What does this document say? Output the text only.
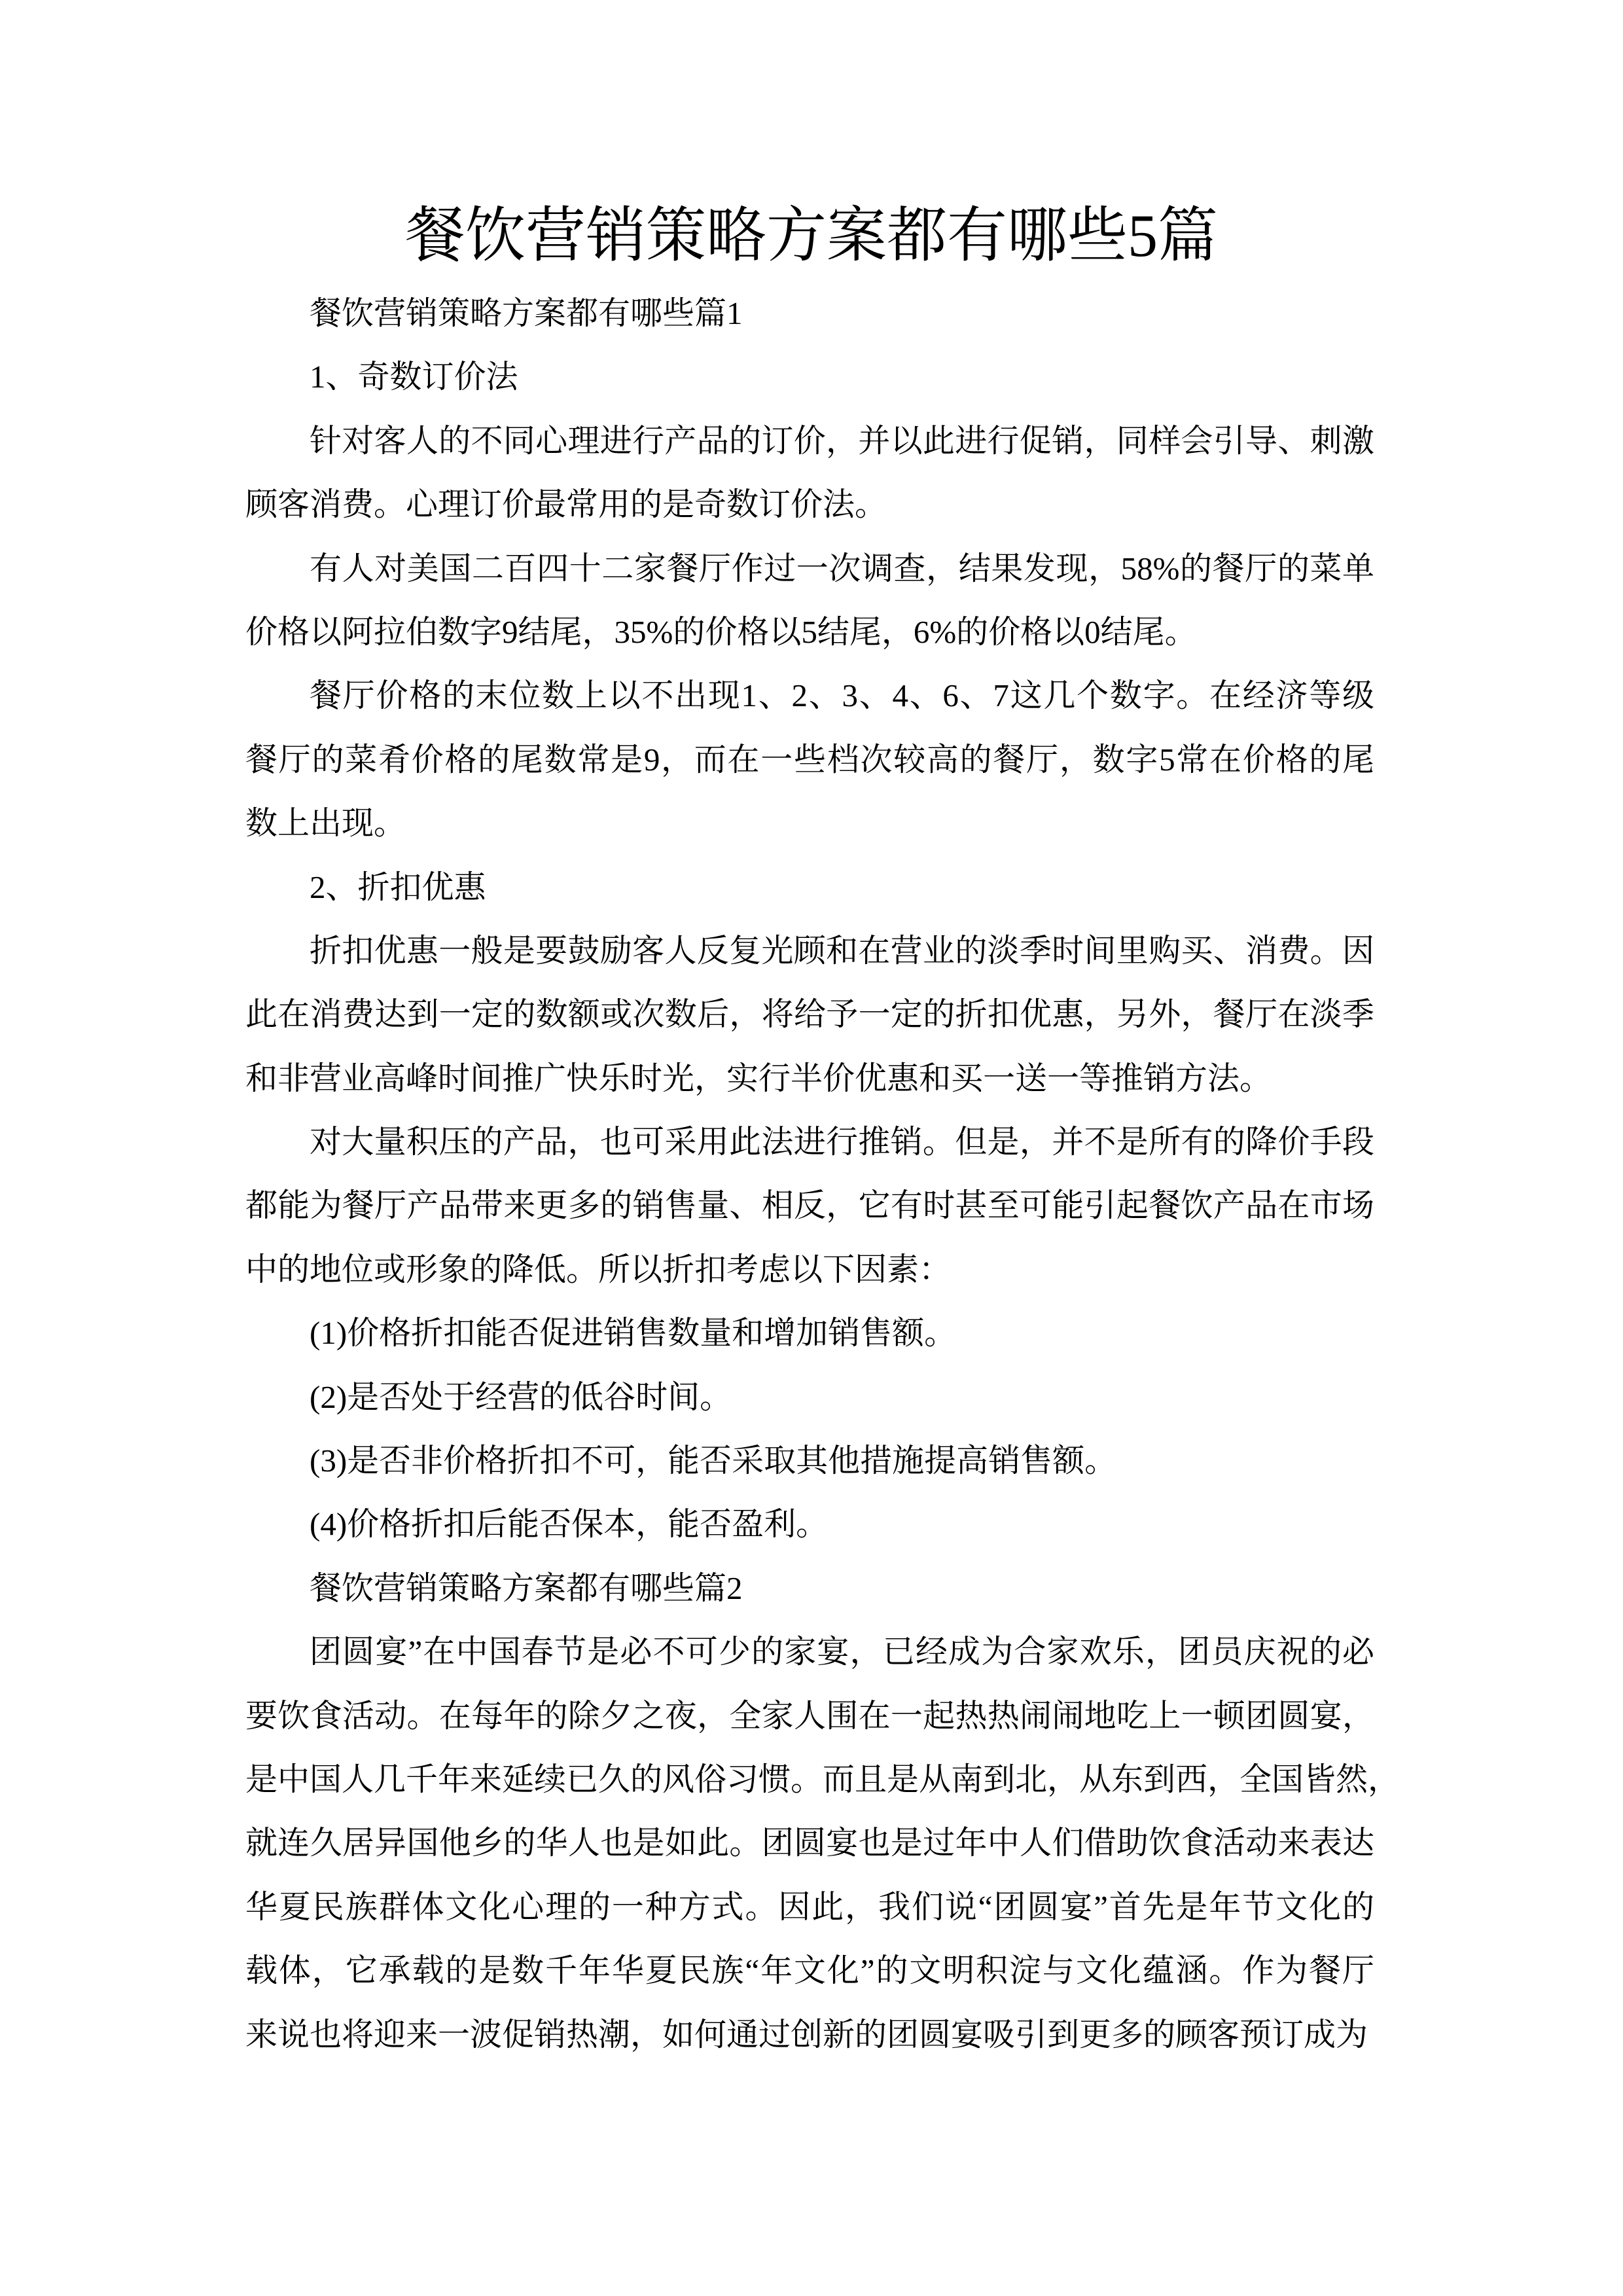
餐饮营销策略方案都有哪些5篇
餐饮营销策略方案都有哪些篇1
1、奇数订价法
针对客人的不同心理进行产品的订价，并以此进行促销，同样会引导、刺激
顾客消费。心理订价最常用的是奇数订价法。
有人对美国二百四十二家餐厅作过一次调查，结果发现，58%的餐厅的菜单
价格以阿拉伯数字9结尾，35%的价格以5结尾，6%的价格以0结尾。
餐厅价格的末位数上以不出现1、2、3、4、6、7这几个数字。在经济等级
餐厅的菜肴价格的尾数常是9，而在一些档次较高的餐厅，数字5常在价格的尾
数上出现。
2、折扣优惠
折扣优惠一般是要鼓励客人反复光顾和在营业的淡季时间里购买、消费。因
此在消费达到一定的数额或次数后，将给予一定的折扣优惠，另外，餐厅在淡季
和非营业高峰时间推广快乐时光，实行半价优惠和买一送一等推销方法。
对大量积压的产品，也可采用此法进行推销。但是，并不是所有的降价手段
都能为餐厅产品带来更多的销售量、相反，它有时甚至可能引起餐饮产品在市场
中的地位或形象的降低。所以折扣考虑以下因素：
(1)价格折扣能否促进销售数量和增加销售额。
(2)是否处于经营的低谷时间。
(3)是否非价格折扣不可，能否采取其他措施提高销售额。
(4)价格折扣后能否保本，能否盈利。
餐饮营销策略方案都有哪些篇2
团圆宴”在中国春节是必不可少的家宴，已经成为合家欢乐，团员庆祝的必
要饮食活动。在每年的除夕之夜，全家人围在一起热热闹闹地吃上一顿团圆宴，
是中国人几千年来延续已久的风俗习惯。而且是从南到北，从东到西，全国皆然，
就连久居异国他乡的华人也是如此。团圆宴也是过年中人们借助饮食活动来表达
华夏民族群体文化心理的一种方式。因此，我们说“团圆宴”首先是年节文化的
载体，它承载的是数千年华夏民族“年文化”的文明积淀与文化蕴涵。作为餐厅
来说也将迎来一波促销热潮，如何通过创新的团圆宴吸引到更多的顾客预订成为
